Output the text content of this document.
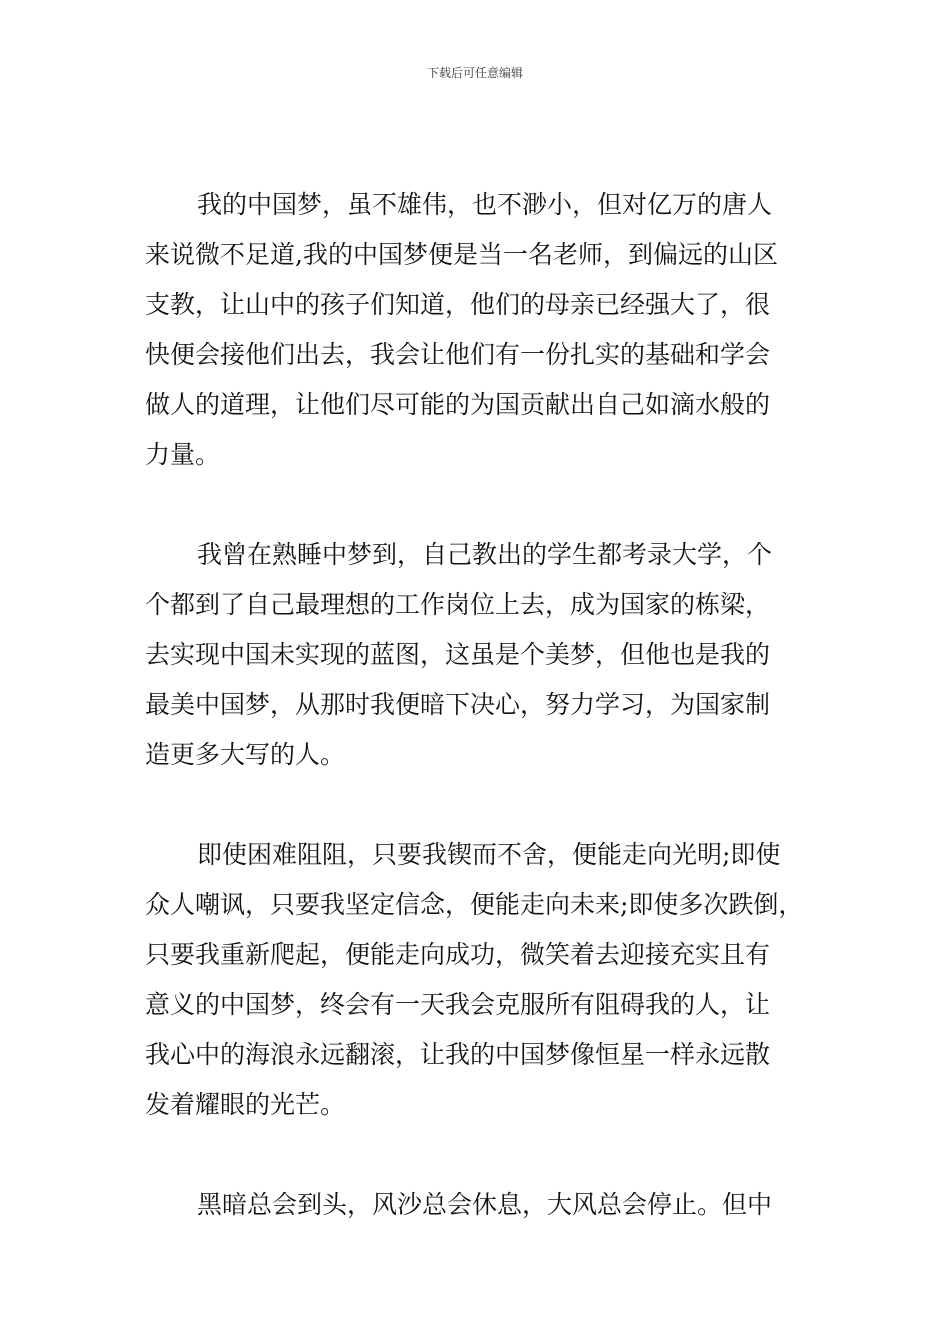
下载后可任意编辑
我的中国梦，虽不雄伟，也不渺小，但对亿万的唐人
来说微不足道,我的中国梦便是当一名老师，到偏远的山区
支教，让山中的孩子们知道，他们的母亲已经强大了，很
快便会接他们出去，我会让他们有一份扎实的基础和学会
做人的道理，让他们尽可能的为国贡献出自己如滴水般的
力量。
我曾在熟睡中梦到，自己教出的学生都考录大学，个
个都到了自己最理想的工作岗位上去，成为国家的栋梁，
去实现中国未实现的蓝图，这虽是个美梦，但他也是我的
最美中国梦，从那时我便暗下决心，努力学习，为国家制
造更多大写的人。
即使困难阻阻，只要我锲而不舍，便能走向光明;即使
众人嘲讽，只要我坚定信念，便能走向未来;即使多次跌倒，
只要我重新爬起，便能走向成功，微笑着去迎接充实且有
意义的中国梦，终会有一天我会克服所有阻碍我的人，让
我心中的海浪永远翻滚，让我的中国梦像恒星一样永远散
发着耀眼的光芒。
黑暗总会到头，风沙总会休息，大风总会停止。但中
